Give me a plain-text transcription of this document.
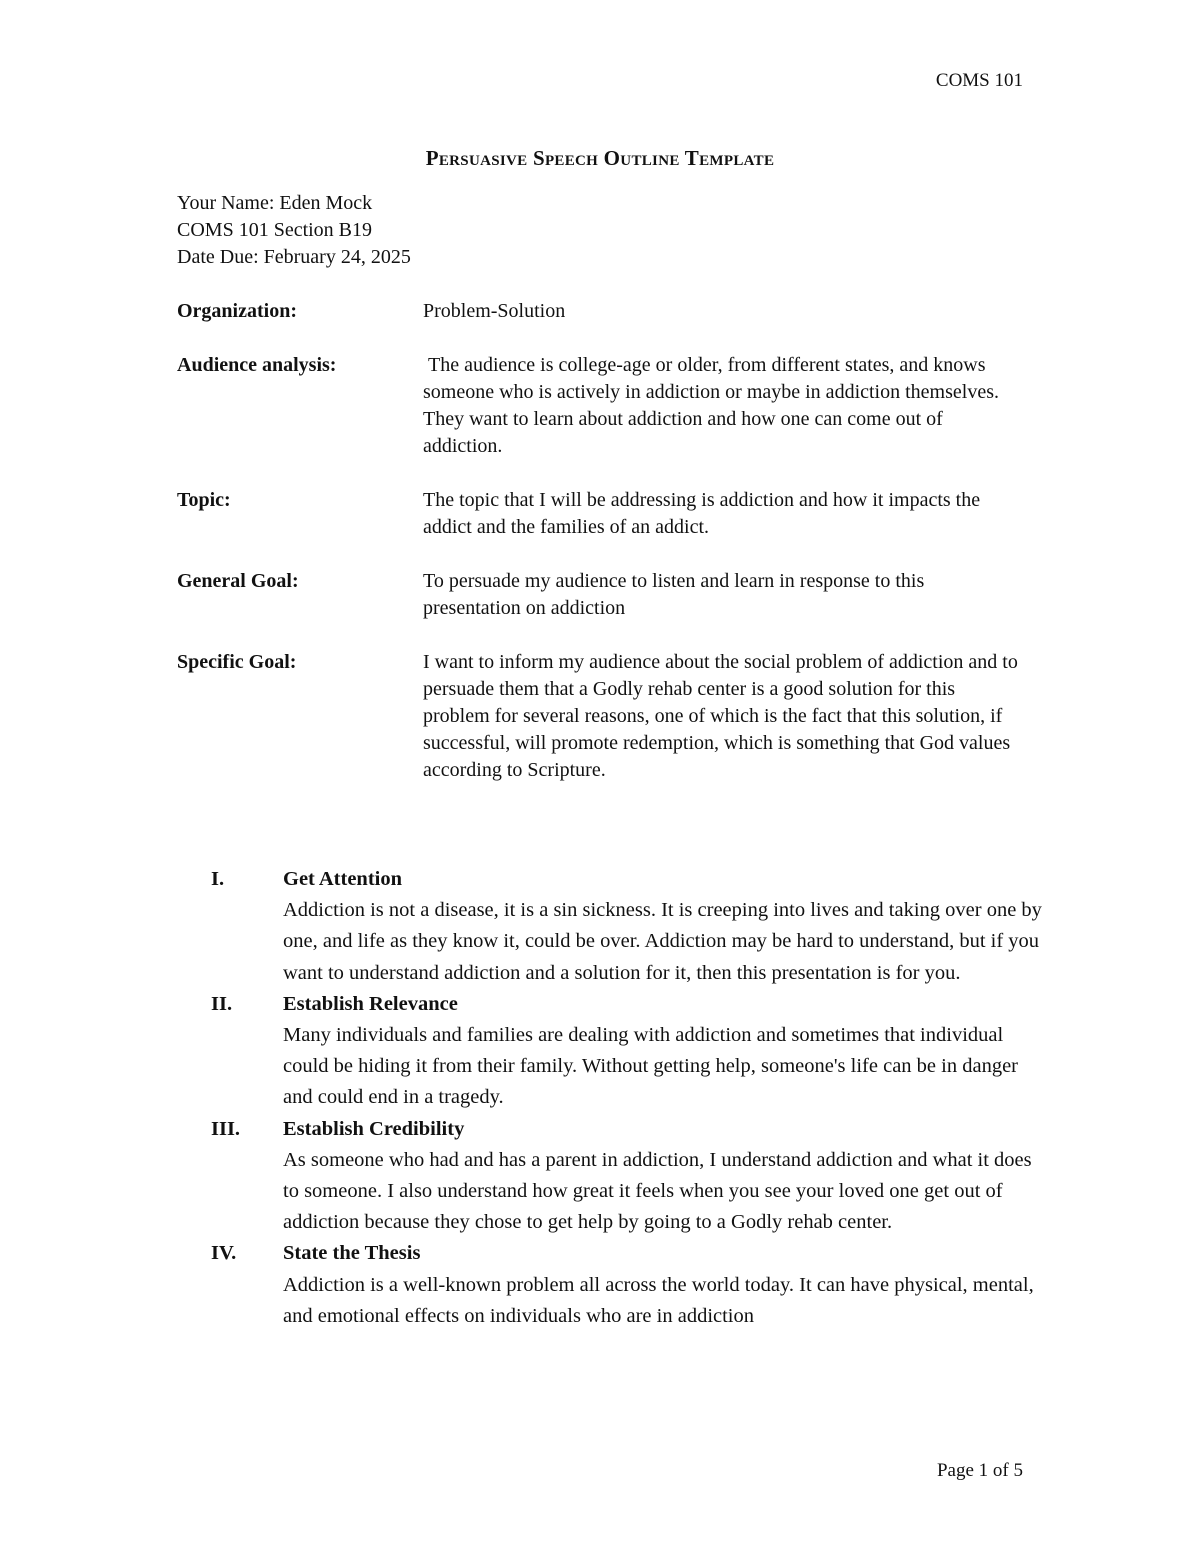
COMS 101
Persuasive Speech Outline Template
Your Name: Eden Mock
COMS 101 Section B19
Date Due: February 24, 2025
Organization:	Problem-Solution
Audience analysis:	The audience is college-age or older, from different states, and knows someone who is actively in addiction or maybe in addiction themselves. They want to learn about addiction and how one can come out of addiction.
Topic:	The topic that I will be addressing is addiction and how it impacts the addict and the families of an addict.
General Goal:	To persuade my audience to listen and learn in response to this presentation on addiction
Specific Goal:	I want to inform my audience about the social problem of addiction and to persuade them that a Godly rehab center is a good solution for this problem for several reasons, one of which is the fact that this solution, if successful, will promote redemption, which is something that God values according to Scripture.
I.	Get Attention
Addiction is not a disease, it is a sin sickness. It is creeping into lives and taking over one by one, and life as they know it, could be over. Addiction may be hard to understand, but if you want to understand addiction and a solution for it, then this presentation is for you.
II. Establish Relevance
Many individuals and families are dealing with addiction and sometimes that individual could be hiding it from their family. Without getting help, someone's life can be in danger and could end in a tragedy.
III. Establish Credibility
As someone who had and has a parent in addiction, I understand addiction and what it does to someone. I also understand how great it feels when you see your loved one get out of addiction because they chose to get help by going to a Godly rehab center.
IV. State the Thesis
Addiction is a well-known problem all across the world today. It can have physical, mental, and emotional effects on individuals who are in addiction
Page 1 of 5
